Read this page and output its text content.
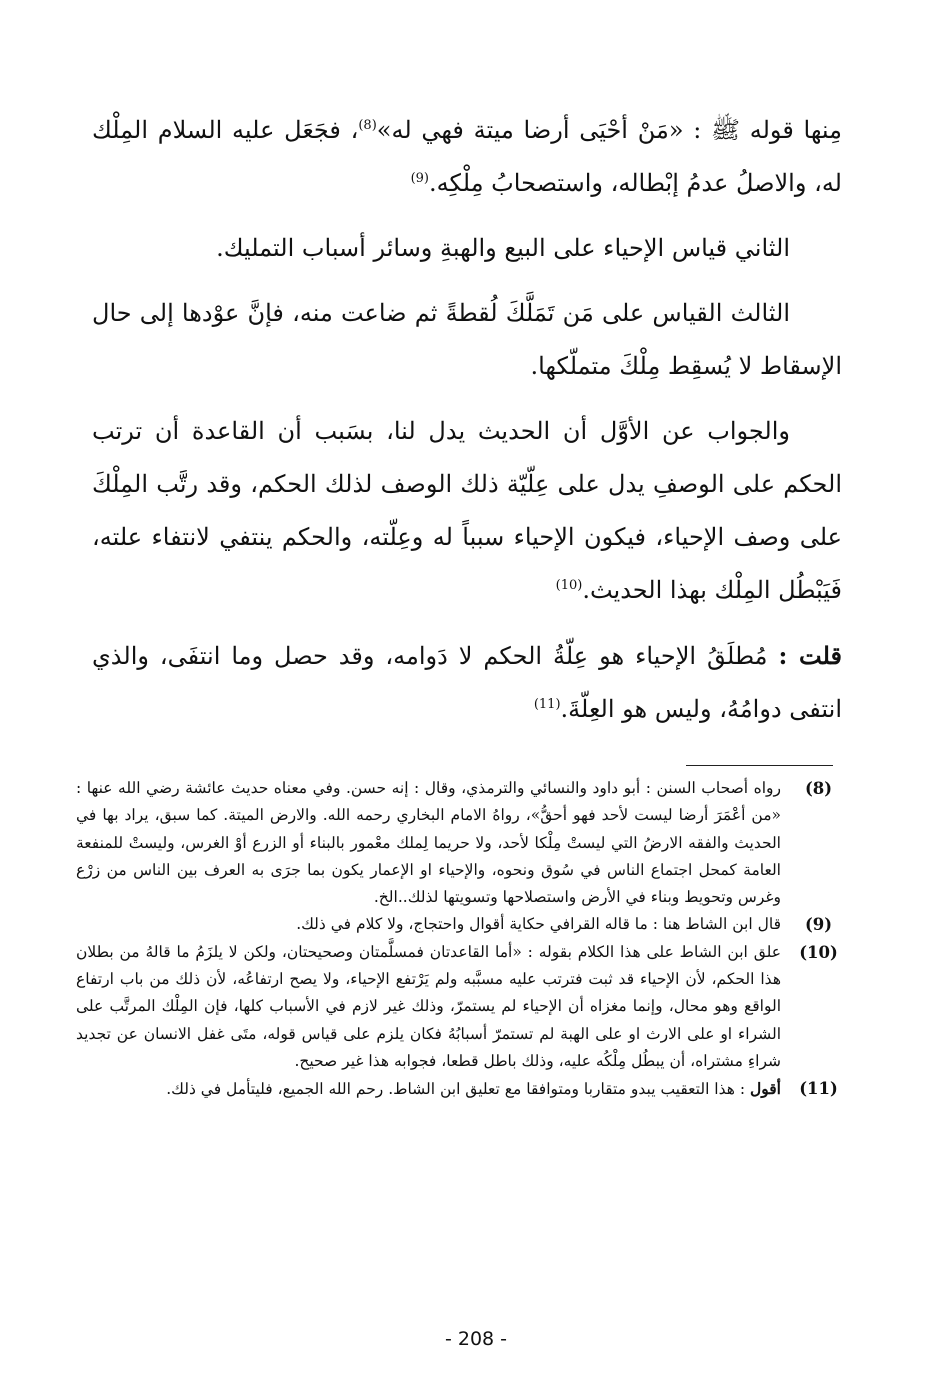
مِنها قوله ﷺ : «مَنْ أحْيَى أرضا ميتة فهي له»$^{(8)}$، فجَعَل عليه السلام المِلْك له، والاصلُ عدمُ إبْطاله، واستصحابُ مِلْكِه.$^{(9)}$

الثاني قياس الإحياء على البيع والهبةِ وسائر أسباب التمليك.

الثالث القياس على مَن تَمَلَّكَ لُقطةً ثم ضاعت منه، فإنَّ عوْدها إلى حال الإسقاط لا يُسقِط مِلْكَ متملّكها.

والجواب عن الأوَّل أن الحديث يدل لنا، بسَبب أن القاعدة أن ترتب الحكم على الوصفِ يدل على عِلّيّة ذلك الوصف لذلك الحكم، وقد رتَّب المِلْكَ على وصف الإحياء، فيكون الإحياء سبباً له وعِلّته، والحكم ينتفي لانتفاء علته، فَيَبْطُل المِلْك بهذا الحديث.$^{(10)}$

قلت : مُطلَقُ الإحياء هو عِلّةُ الحكم لا دَوامه، وقد حصل وما انتفَى، والذي انتفى دوامُهُ، وليس هو العِلّةَ.$^{(11)}$

(8)
رواه أصحاب السنن : أبو داود والنسائي والترمذي، وقال : إنه حسن. وفي معناه حديث عائشة رضي الله عنها : «من أعْمَرَ أرضا ليست لأحد فهو أحقُّ»، رواهُ الامام البخاري رحمه الله. والارض الميتة. كما سبق، يراد بها في الحديث والفقه الارضُ التي ليستْ مِلْكا لأحد، ولا حريما لِملك معْمور بالبناء أو الزرع أوْ الغرس، وليستْ للمنفعة العامة كمحل اجتماع الناس في سُوق ونحوه، والإحياء او الإعمار يكون بما جرَى به العرف بين الناس من زرْع وغرس وتحويط وبناء في الأرض واستصلاحها وتسويتها لذلك..الخ.

(9)
قال ابن الشاط هنا : ما قاله القرافي حكاية أقوال واحتجاج، ولا كلام في ذلك.

(10)
علق ابن الشاط على هذا الكلام بقوله : «أما القاعدتان فمسلَّمتان وصحيحتان، ولكن لا يلزَمُ ما قالهُ من بطلان هذا الحكم، لأن الإحياء قد ثبت فترتب عليه مسبَّبه ولم يَرْتفع الإحياء، ولا يصح ارتفاعُه، لأن ذلك من باب ارتفاع الواقع وهو محال، وإنما مغزاه أن الإحياء لم يستمرّ، وذلك غير لازم في الأسباب كلها، فإن المِلْك المرتَّب على الشراء او على الارث او على الهبة لم تستمرّ أسبابُهُ فكان يلزم على قياس قوله، متَى غفل الانسان عن تجديد شراءِ مشتراه، أن يبطُل مِلْكُه عليه، وذلك باطل قطعا، فجوابه هذا غير صحيح.

(11)
أقول : هذا التعقيب يبدو متقاربا ومتوافقا مع تعليق ابن الشاط. رحم الله الجميع، فليتأمل في ذلك.

- 208 -
